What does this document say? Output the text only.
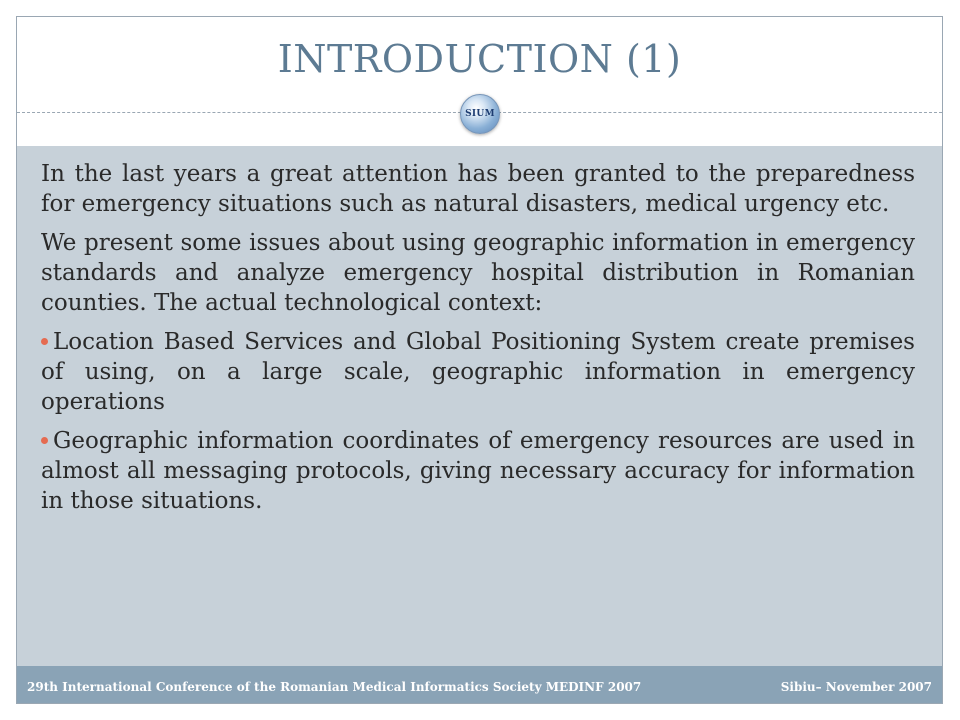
INTRODUCTION (1)
SIUM

In the last years a great attention has been granted to the preparedness for emergency situations such as natural disasters, medical urgency etc.

We present some issues about using geographic information in emergency standards and analyze emergency hospital distribution in Romanian counties. The actual technological context:

Location Based Services and Global Positioning System create premises of using, on a large scale, geographic information in emergency operations

Geographic information coordinates of emergency resources are used in almost all messaging protocols, giving necessary accuracy for information in those situations.

29th International Conference of the Romanian Medical Informatics Society MEDINF 2007	Sibiu– November 2007
